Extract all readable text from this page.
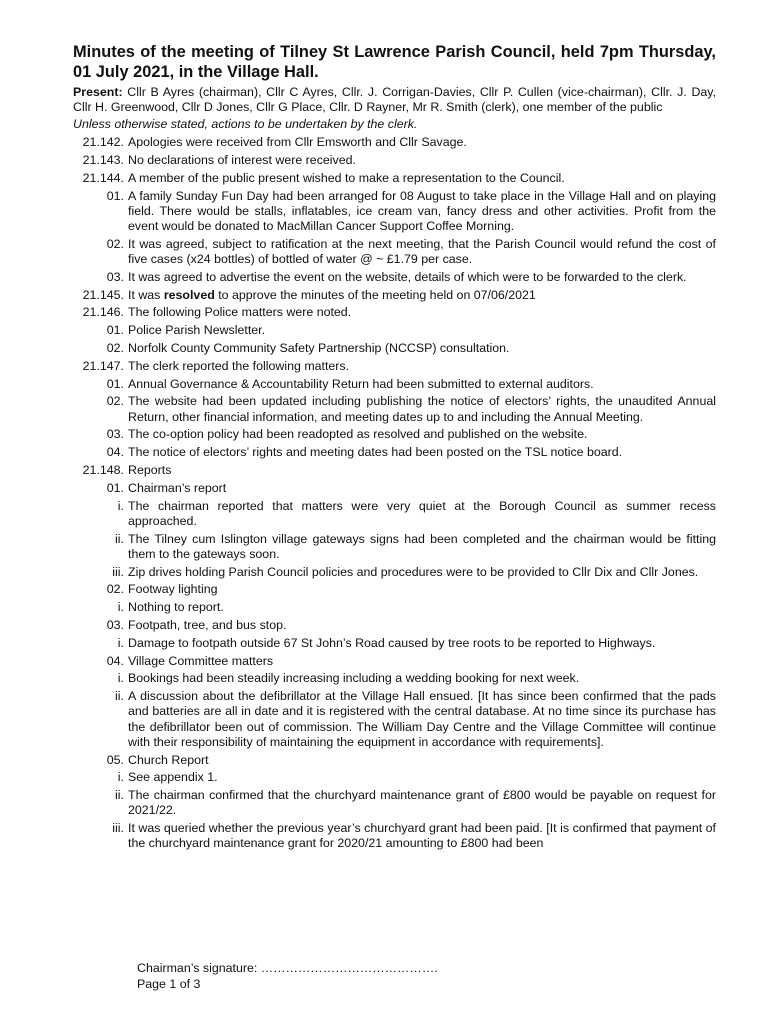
Minutes of the meeting of Tilney St Lawrence Parish Council, held 7pm Thursday, 01 July 2021, in the Village Hall.

Present: Cllr B Ayres (chairman), Cllr C Ayres, Cllr. J. Corrigan-Davies, Cllr P. Cullen (vice-chairman), Cllr. J. Day, Cllr H. Greenwood, Cllr D Jones, Cllr G Place, Cllr. D Rayner, Mr R. Smith (clerk), one member of the public

Unless otherwise stated, actions to be undertaken by the clerk.

21.142. Apologies were received from Cllr Emsworth and Cllr Savage.
21.143. No declarations of interest were received.
21.144. A member of the public present wished to make a representation to the Council.
01. A family Sunday Fun Day had been arranged for 08 August to take place in the Village Hall and on playing field. There would be stalls, inflatables, ice cream van, fancy dress and other activities. Profit from the event would be donated to MacMillan Cancer Support Coffee Morning.
02. It was agreed, subject to ratification at the next meeting, that the Parish Council would refund the cost of five cases (x24 bottles) of bottled of water @ ~ £1.79 per case.
03. It was agreed to advertise the event on the website, details of which were to be forwarded to the clerk.
21.145. It was resolved to approve the minutes of the meeting held on 07/06/2021
21.146. The following Police matters were noted.
01. Police Parish Newsletter.
02. Norfolk County Community Safety Partnership (NCCSP) consultation.
21.147. The clerk reported the following matters.
01. Annual Governance & Accountability Return had been submitted to external auditors.
02. The website had been updated including publishing the notice of electors’ rights, the unaudited Annual Return, other financial information, and meeting dates up to and including the Annual Meeting.
03. The co-option policy had been readopted as resolved and published on the website.
04. The notice of electors’ rights and meeting dates had been posted on the TSL notice board.
21.148. Reports
01. Chairman’s report
i. The chairman reported that matters were very quiet at the Borough Council as summer recess approached.
ii. The Tilney cum Islington village gateways signs had been completed and the chairman would be fitting them to the gateways soon.
iii. Zip drives holding Parish Council policies and procedures were to be provided to Cllr Dix and Cllr Jones.
02. Footway lighting
i. Nothing to report.
03. Footpath, tree, and bus stop.
i. Damage to footpath outside 67 St John’s Road caused by tree roots to be reported to Highways.
04. Village Committee matters
i. Bookings had been steadily increasing including a wedding booking for next week.
ii. A discussion about the defibrillator at the Village Hall ensued. [It has since been confirmed that the pads and batteries are all in date and it is registered with the central database. At no time since its purchase has the defibrillator been out of commission. The William Day Centre and the Village Committee will continue with their responsibility of maintaining the equipment in accordance with requirements].
05. Church Report
i. See appendix 1.
ii. The chairman confirmed that the churchyard maintenance grant of £800 would be payable on request for 2021/22.
iii. It was queried whether the previous year’s churchyard grant had been paid. [It is confirmed that payment of the churchyard maintenance grant for 2020/21 amounting to £800 had been
Chairman’s signature: …………………………………….
Page 1 of 3
